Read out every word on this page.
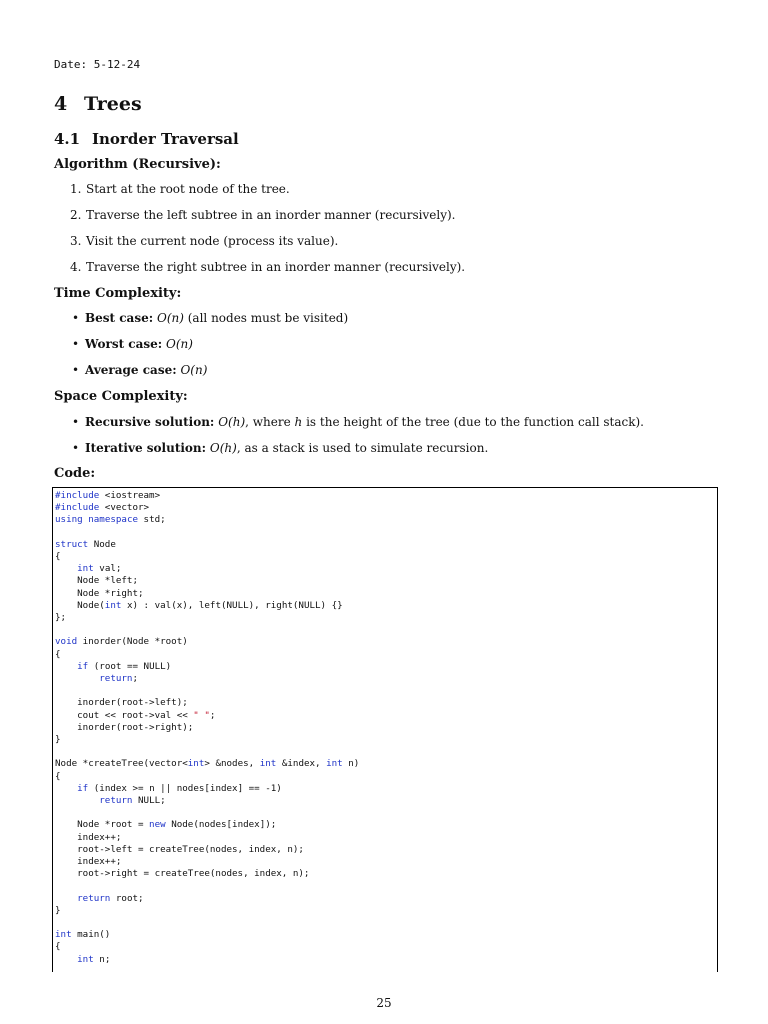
Date: 5-12-24
4 Trees
4.1 Inorder Traversal
Algorithm (Recursive):
1. Start at the root node of the tree.
2. Traverse the left subtree in an inorder manner (recursively).
3. Visit the current node (process its value).
4. Traverse the right subtree in an inorder manner (recursively).
Time Complexity:
• Best case: O(n) (all nodes must be visited)
• Worst case: O(n)
• Average case: O(n)
Space Complexity:
• Recursive solution: O(h), where h is the height of the tree (due to the function call stack).
• Iterative solution: O(h), as a stack is used to simulate recursion.
Code:
#include <iostream>
#include <vector>
using namespace std;
struct Node
{
int val;
Node *left;
Node *right;
Node(int x) : val(x), left(NULL), right(NULL) {}
};
void inorder(Node *root)
{
if (root == NULL)
return;
inorder(root->left);
cout << root->val << " ";
inorder(root->right);
}
Node *createTree(vector<int> &nodes, int &index, int n)
{
if (index >= n || nodes[index] == -1)
return NULL;
Node *root = new Node(nodes[index]);
index++;
root->left = createTree(nodes, index, n);
index++;
root->right = createTree(nodes, index, n);
return root;
}
int main()
{
int n;
25
